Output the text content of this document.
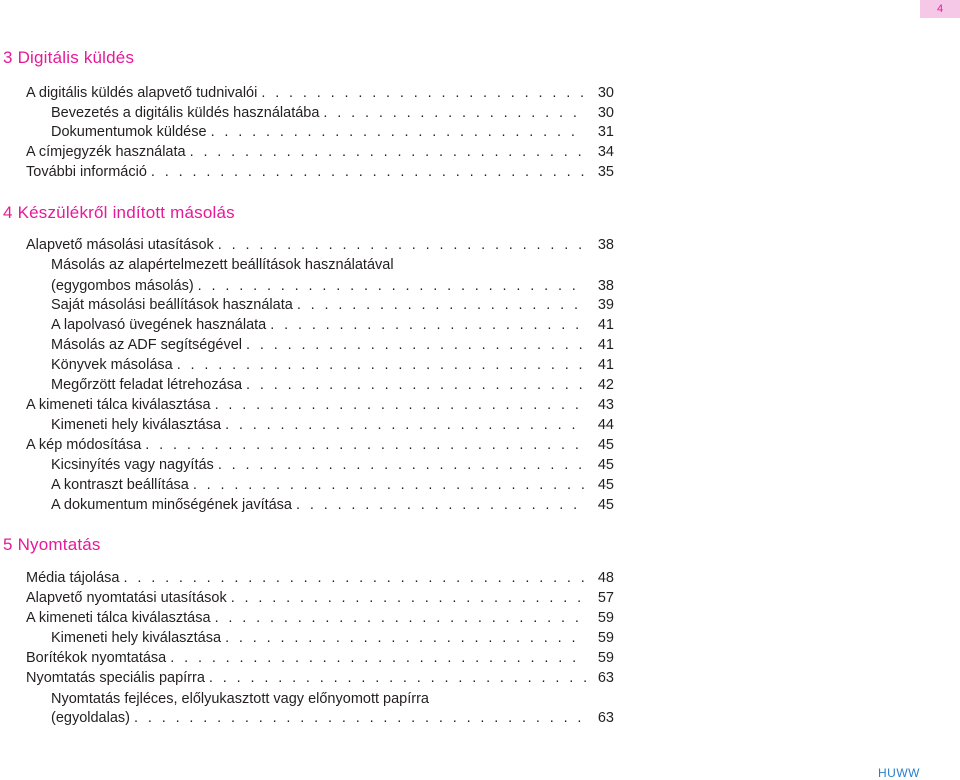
4
3 Digitális küldés
A digitális küldés alapvető tudnivalói . . .	30
Bevezetés a digitális küldés használatába . . .	30
Dokumentumok küldése . . .	31
A címjegyzék használata . . .	34
További információ . . .	35
4 Készülékről indított másolás
Alapvető másolási utasítások . . .	38
Másolás az alapértelmezett beállítások használatával
(egygombos másolás) . . .	38
Saját másolási beállítások használata . . .	39
A lapolvasó üvegének használata . . .	41
Másolás az ADF segítségével . . .	41
Könyvek másolása . . .	41
Megőrzött feladat létrehozása . . .	42
A kimeneti tálca kiválasztása . . .	43
Kimeneti hely kiválasztása . . .	44
A kép módosítása . . .	45
Kicsinyítés vagy nagyítás . . .	45
A kontraszt beállítása . . .	45
A dokumentum minőségének javítása . . .	45
5 Nyomtatás
Média tájolása . . .	48
Alapvető nyomtatási utasítások . . .	57
A kimeneti tálca kiválasztása . . .	59
Kimeneti hely kiválasztása . . .	59
Borítékok nyomtatása . . .	59
Nyomtatás speciális papírra . . .	63
Nyomtatás fejléces, előlyukasztott vagy előnyomott papírra
(egyoldalas) . . .	63
HUWW
